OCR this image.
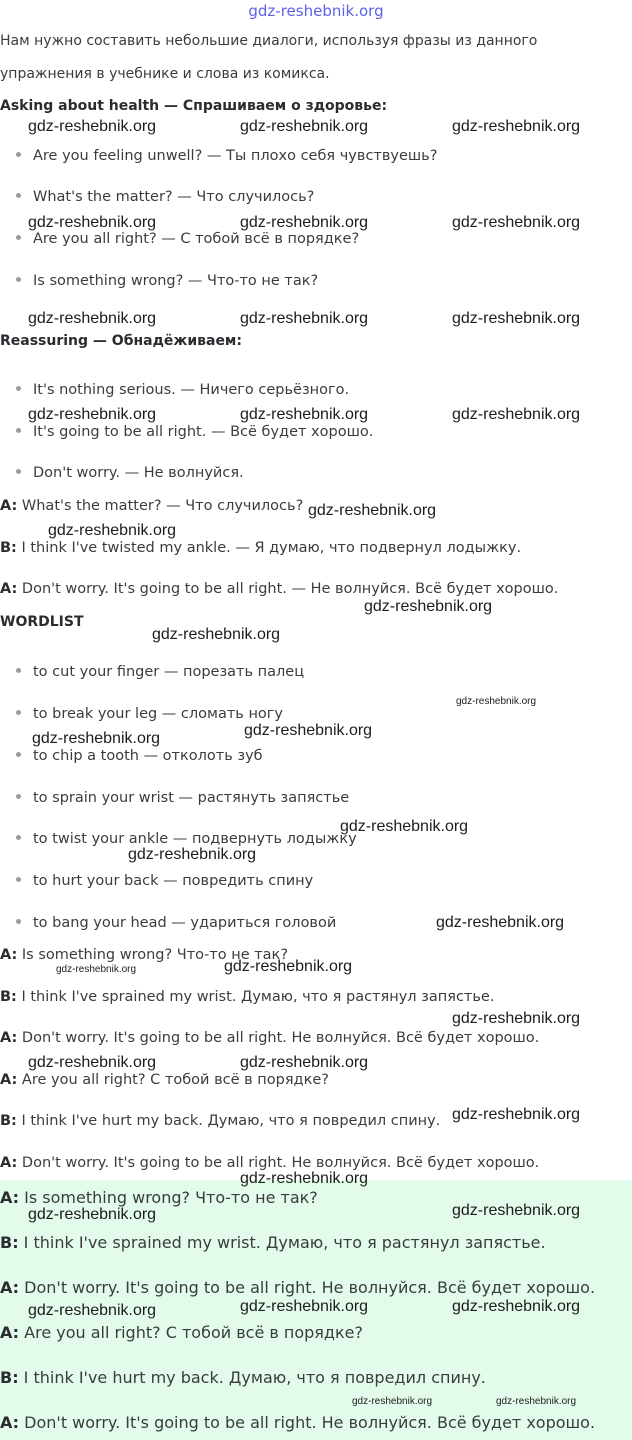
gdz-reshebnik.org
Нам нужно составить небольшие диалоги, используя фразы из данного
упражнения в учебнике и слова из комикса.
Asking about health — Спрашиваем о здоровье:
Are you feeling unwell? — Ты плохо себя чувствуешь?
What's the matter? — Что случилось?
Are you all right? — С тобой всё в порядке?
Is something wrong? — Что-то не так?
Reassuring — Обнадёживаем:
It's nothing serious. — Ничего серьёзного.
It's going to be all right. — Всё будет хорошо.
Don't worry. — Не волнуйся.
A: What's the matter? — Что случилось?
B: I think I've twisted my ankle. — Я думаю, что подвернул лодыжку.
A: Don't worry. It's going to be all right. — Не волнуйся. Всё будет хорошо.
WORDLIST
to cut your finger — порезать палец
to break your leg — сломать ногу
to chip a tooth — отколоть зуб
to sprain your wrist — растянуть запястье
to twist your ankle — подвернуть лодыжку
to hurt your back — повредить спину
to bang your head — удариться головой
A: Is something wrong? Что-то не так?
B: I think I've sprained my wrist. Думаю, что я растянул запястье.
A: Don't worry. It's going to be all right. Не волнуйся. Всё будет хорошо.
A: Are you all right? С тобой всё в порядке?
B: I think I've hurt my back. Думаю, что я повредил спину.
A: Don't worry. It's going to be all right. Не волнуйся. Всё будет хорошо.
A: Is something wrong? Что-то не так?
B: I think I've sprained my wrist. Думаю, что я растянул запястье.
A: Don't worry. It's going to be all right. Не волнуйся. Всё будет хорошо.
A: Are you all right? С тобой всё в порядке?
B: I think I've hurt my back. Думаю, что я повредил спину.
A: Don't worry. It's going to be all right. Не волнуйся. Всё будет хорошо.
gdz-reshebnik.org	gdz-reshebnik.org	gdz-reshebnik.org
gdz-reshebnik.org	gdz-reshebnik.org	gdz-reshebnik.org
gdz-reshebnik.org	gdz-reshebnik.org	gdz-reshebnik.org
gdz-reshebnik.org	gdz-reshebnik.org	gdz-reshebnik.org
gdz-reshebnik.org
gdz-reshebnik.org
gdz-reshebnik.org
gdz-reshebnik.org
gdz-reshebnik.org
gdz-reshebnik.org
gdz-reshebnik.org
gdz-reshebnik.org
gdz-reshebnik.org
gdz-reshebnik.org
gdz-reshebnik.org	gdz-reshebnik.org
gdz-reshebnik.org
gdz-reshebnik.org	gdz-reshebnik.org
gdz-reshebnik.org
gdz-reshebnik.org
gdz-reshebnik.org	gdz-reshebnik.org
gdz-reshebnik.org
gdz-reshebnik.org	gdz-reshebnik.org
gdz-reshebnik.org	gdz-reshebnik.org
